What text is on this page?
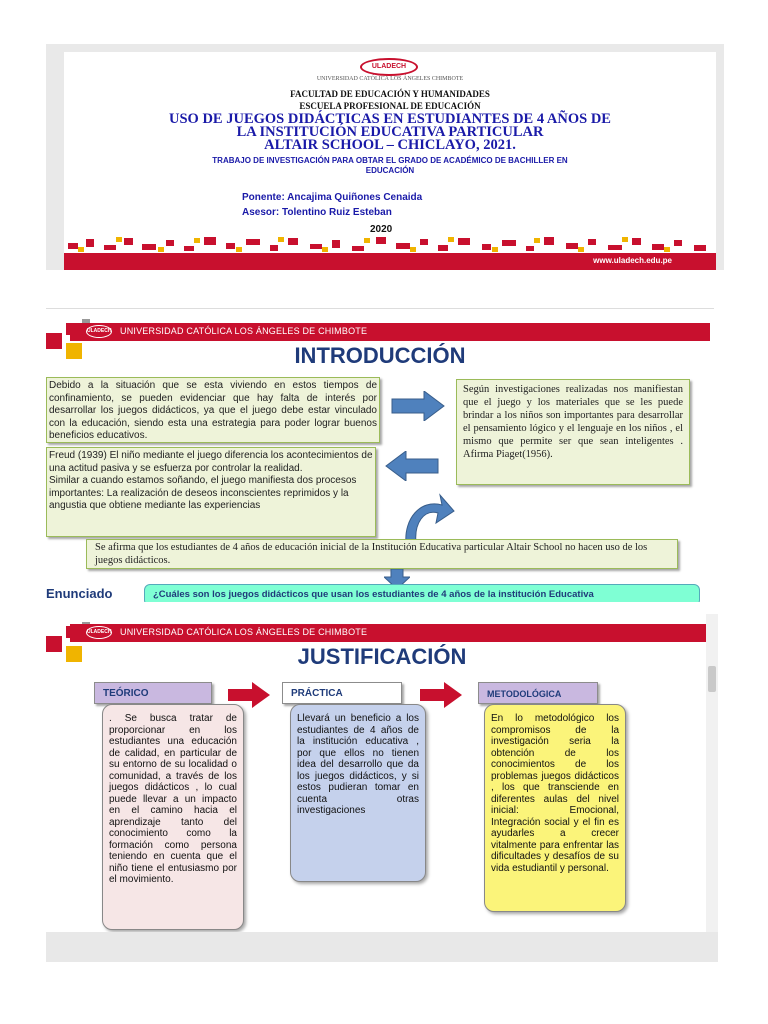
ULADECH
UNIVERSIDAD CATÓLICA LOS ÁNGELES CHIMBOTE
FACULTAD DE EDUCACIÓN Y HUMANIDADES
ESCUELA PROFESIONAL DE EDUCACIÓN
USO DE JUEGOS DIDÁCTICAS EN ESTUDIANTES DE 4 AÑOS DE
LA INSTITUCIÓN EDUCATIVA PARTICULAR
ALTAIR SCHOOL – CHICLAYO, 2021.
TRABAJO DE INVESTIGACIÓN PARA OBTAR EL GRADO DE ACADÉMICO DE BACHILLER EN
EDUCACIÓN
Ponente: Ancajima Quiñones Cenaida
Asesor: Tolentino Ruiz Esteban
2020
www.uladech.edu.pe
ULADECH UNIVERSIDAD CATÓLICA LOS ÁNGELES DE CHIMBOTE
INTRODUCCIÓN
Debido a la situación que se esta viviendo en estos tiempos de confinamiento, se pueden evidenciar que hay falta de interés por desarrollar los juegos didácticos, ya que el juego debe estar vinculado con la educación, siendo esta una estrategia para poder lograr buenos beneficios educativos.
Según investigaciones realizadas nos manifiestan que el juego y los materiales que se les puede brindar a los niños son importantes para desarrollar el pensamiento lógico y el lenguaje en los niños , el mismo que permite ser que sean inteligentes . Afirma Piaget(1956).
Freud (1939) El niño mediante el juego diferencia los acontecimientos de una actitud pasiva y se esfuerza por controlar la realidad.
Similar a cuando estamos soñando, el juego manifiesta dos procesos importantes: La realización de deseos inconscientes reprimidos y la angustia que obtiene mediante las experiencias
Se afirma que los estudiantes de 4 años de educación inicial de la Institución Educativa particular Altair School no hacen uso de los juegos didácticos.
Enunciado	¿Cuáles son los juegos didácticos que usan los estudiantes de 4 años de la institución Educativa
ULADECH UNIVERSIDAD CATÓLICA LOS ÁNGELES DE CHIMBOTE
JUSTIFICACIÓN
TEÓRICO	PRÁCTICA	METODOLÓGICA
. Se busca tratar de proporcionar en los estudiantes una educación de calidad, en particular de su entorno de su localidad o comunidad, a través de los juegos didácticos , lo cual puede llevar a un impacto en el camino hacia el aprendizaje tanto del conocimiento como la formación como persona teniendo en cuenta que el niño tiene el entusiasmo por el movimiento.
Llevará un beneficio a los estudiantes de 4 años de la institución educativa , por que ellos no tienen idea del desarrollo que da los juegos didácticos, y si estos pudieran tomar en cuenta otras investigaciones
En lo metodológico los compromisos de la investigación seria la obtención de los conocimientos de los problemas juegos didácticos , los que transciende en diferentes aulas del nivel inicial: Emocional, Integración social y el fin es ayudarles a crecer vitalmente para enfrentar las dificultades y desafíos de su vida estudiantil y personal.
